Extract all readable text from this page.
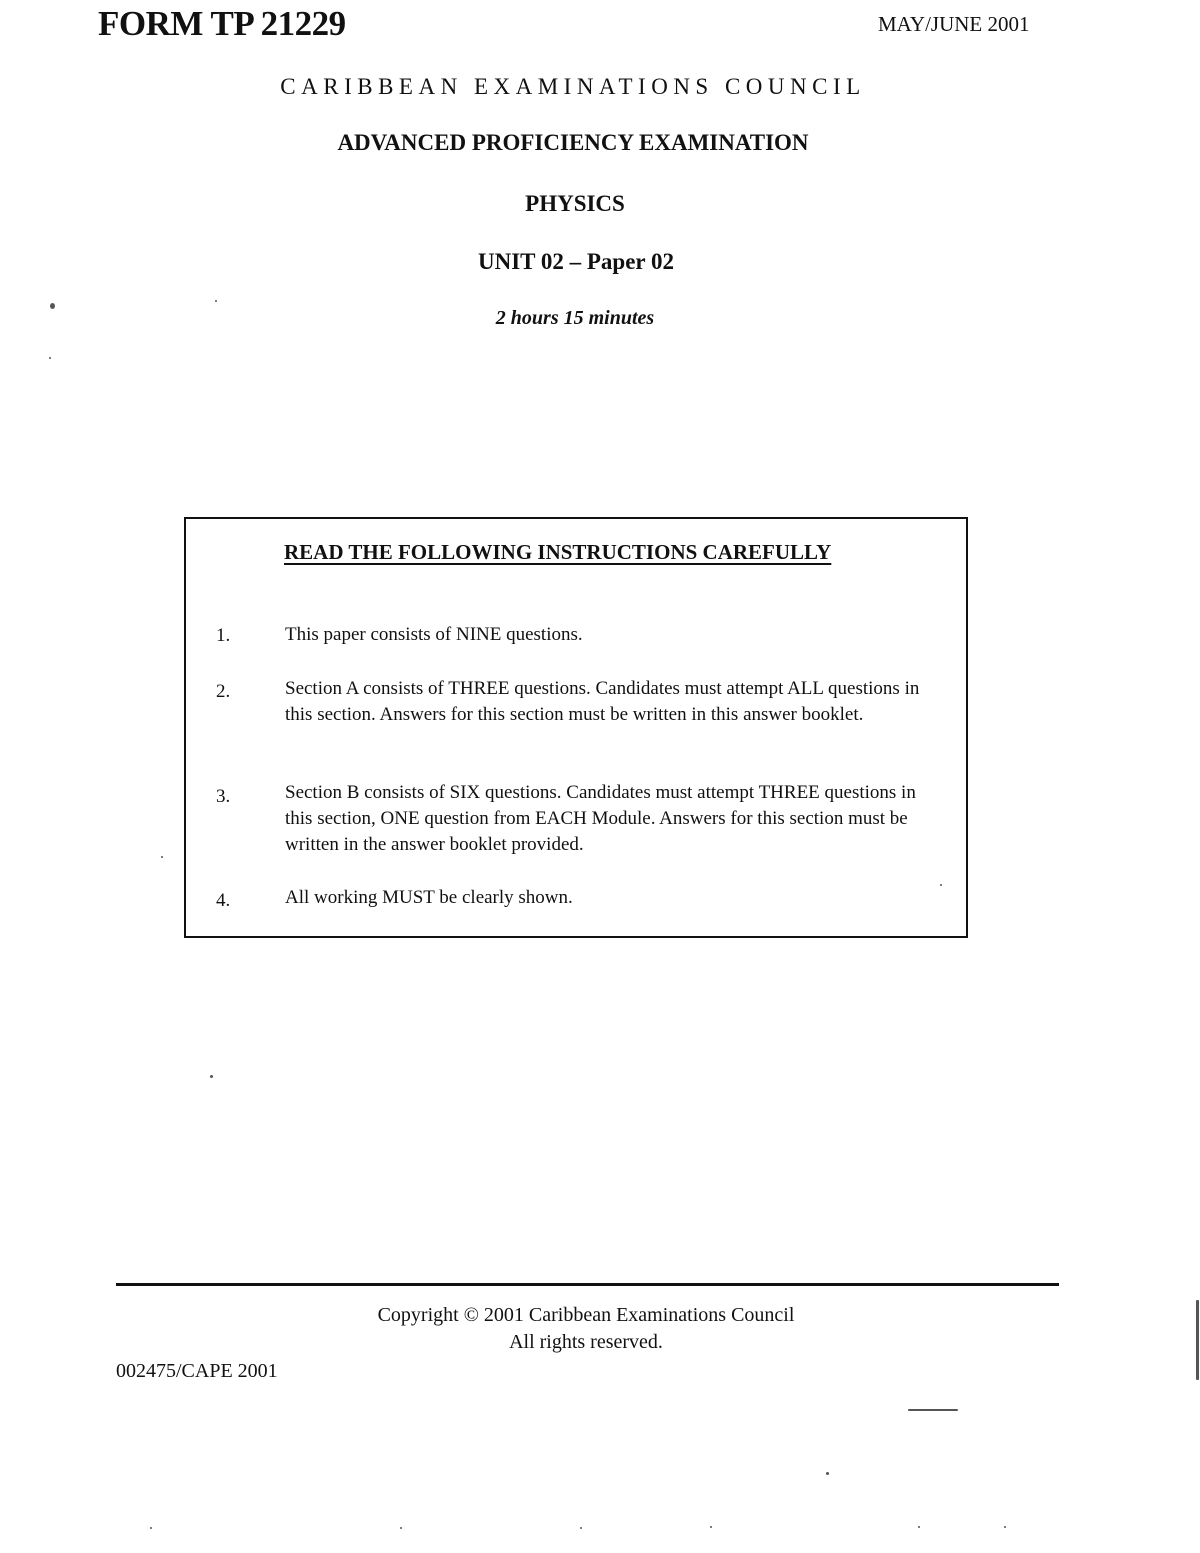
FORM TP 21229	MAY/JUNE 2001
CARIBBEAN EXAMINATIONS COUNCIL
ADVANCED PROFICIENCY EXAMINATION
PHYSICS
UNIT 02 – Paper 02
2 hours 15 minutes
READ THE FOLLOWING INSTRUCTIONS CAREFULLY
1.	This paper consists of NINE questions.
2.	Section A consists of THREE questions. Candidates must attempt ALL questions in this section. Answers for this section must be written in this answer booklet.
3.	Section B consists of SIX questions. Candidates must attempt THREE questions in this section, ONE question from EACH Module. Answers for this section must be written in the answer booklet provided.
4.	All working MUST be clearly shown.
Copyright © 2001 Caribbean Examinations Council
All rights reserved.
002475/CAPE 2001
